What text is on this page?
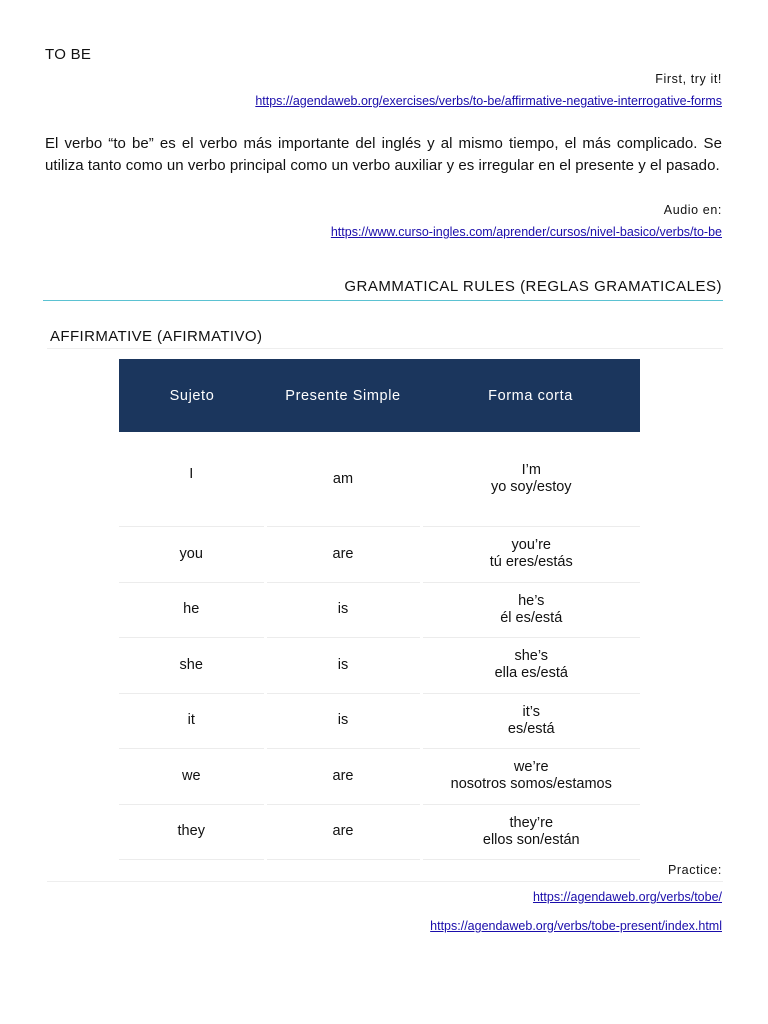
TO BE
First, try it!
https://agendaweb.org/exercises/verbs/to-be/affirmative-negative-interrogative-forms
El verbo “to be” es el verbo más importante del inglés y al mismo tiempo, el más complicado. Se utiliza tanto como un verbo principal como un verbo auxiliar y es irregular en el presente y el pasado.
Audio en:
https://www.curso-ingles.com/aprender/cursos/nivel-basico/verbs/to-be
GRAMMATICAL RULES (REGLAS GRAMATICALES)
AFFIRMATIVE (AFIRMATIVO)
Sujeto	Presente Simple	Forma corta
I	am	I’m
yo soy/estoy

you	are	you’re
tú eres/estás

he	is	he’s
él es/está

she	is	she’s
ella es/está

it	is	it’s
es/está

we	are	we’re
nosotros somos/estamos

they	are	they’re
ellos son/están
Practice:
https://agendaweb.org/verbs/tobe/
https://agendaweb.org/verbs/tobe-present/index.html
